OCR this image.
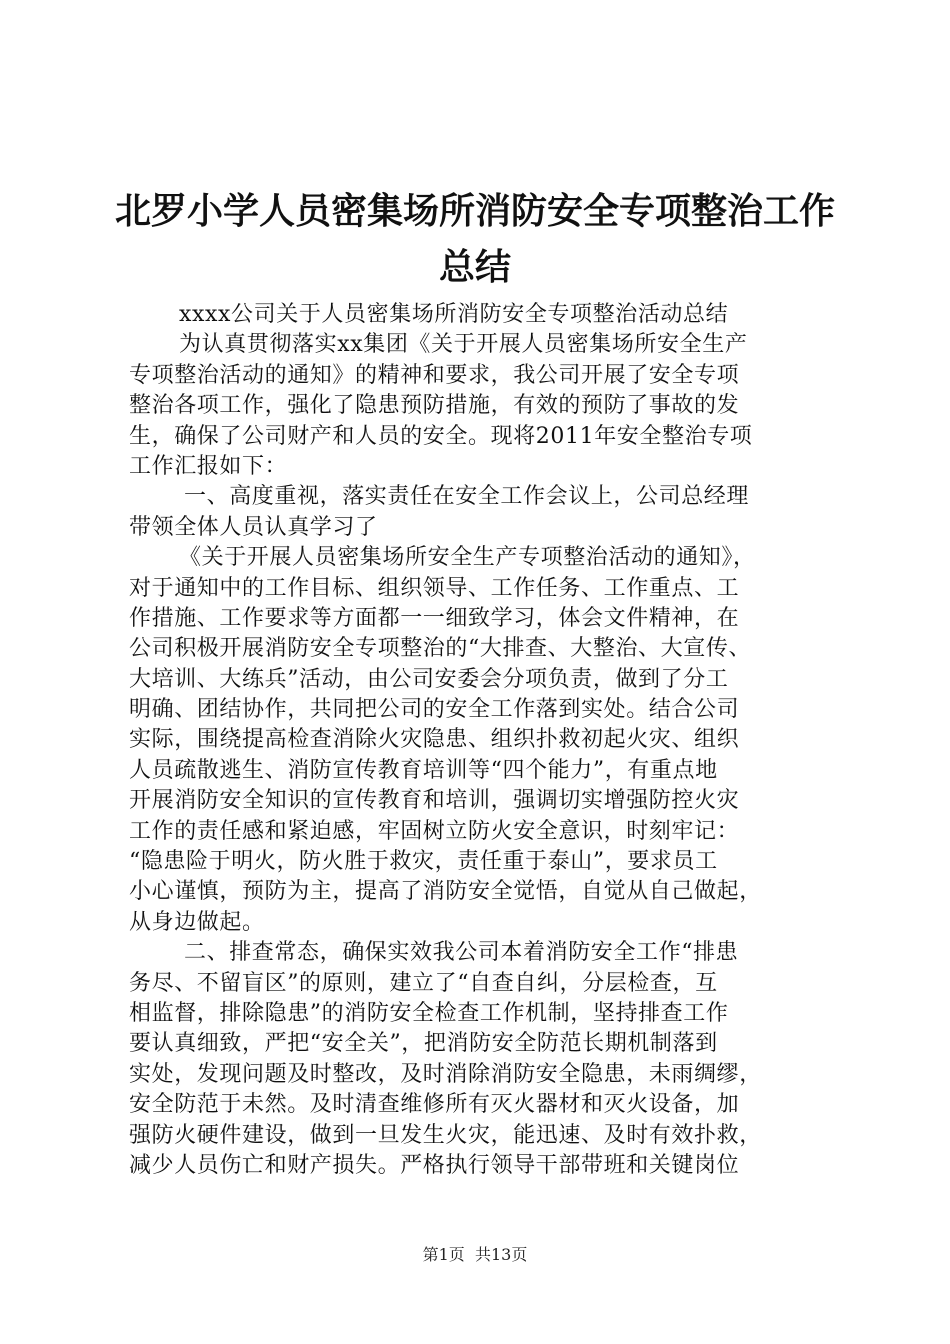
北罗小学人员密集场所消防安全专项整治工作
总结
xxxx公司关于人员密集场所消防安全专项整治活动总结
为认真贯彻落实xx集团《关于开展人员密集场所安全生产
专项整治活动的通知》的精神和要求，我公司开展了安全专项
整治各项工作，强化了隐患预防措施，有效的预防了事故的发
生，确保了公司财产和人员的安全。现将2011年安全整治专项
工作汇报如下：
一、高度重视，落实责任在安全工作会议上，公司总经理
带领全体人员认真学习了
《关于开展人员密集场所安全生产专项整治活动的通知》，
对于通知中的工作目标、组织领导、工作任务、工作重点、工
作措施、工作要求等方面都一一细致学习，体会文件精神，在
公司积极开展消防安全专项整治的“大排查、大整治、大宣传、
大培训、大练兵”活动，由公司安委会分项负责，做到了分工
明确、团结协作，共同把公司的安全工作落到实处。结合公司
实际，围绕提高检查消除火灾隐患、组织扑救初起火灾、组织
人员疏散逃生、消防宣传教育培训等“四个能力”，有重点地
开展消防安全知识的宣传教育和培训，强调切实增强防控火灾
工作的责任感和紧迫感，牢固树立防火安全意识，时刻牢记：
“隐患险于明火，防火胜于救灾，责任重于泰山”，要求员工
小心谨慎，预防为主，提高了消防安全觉悟，自觉从自己做起，
从身边做起。
二、排查常态，确保实效我公司本着消防安全工作“排患
务尽、不留盲区”的原则，建立了“自查自纠，分层检查，互
相监督，排除隐患”的消防安全检查工作机制，坚持排查工作
要认真细致，严把“安全关”，把消防安全防范长期机制落到
实处，发现问题及时整改，及时消除消防安全隐患，未雨绸缪，
安全防范于未然。及时清查维修所有灭火器材和灭火设备，加
强防火硬件建设，做到一旦发生火灾，能迅速、及时有效扑救，
减少人员伤亡和财产损失。严格执行领导干部带班和关键岗位
第1页 共13页
